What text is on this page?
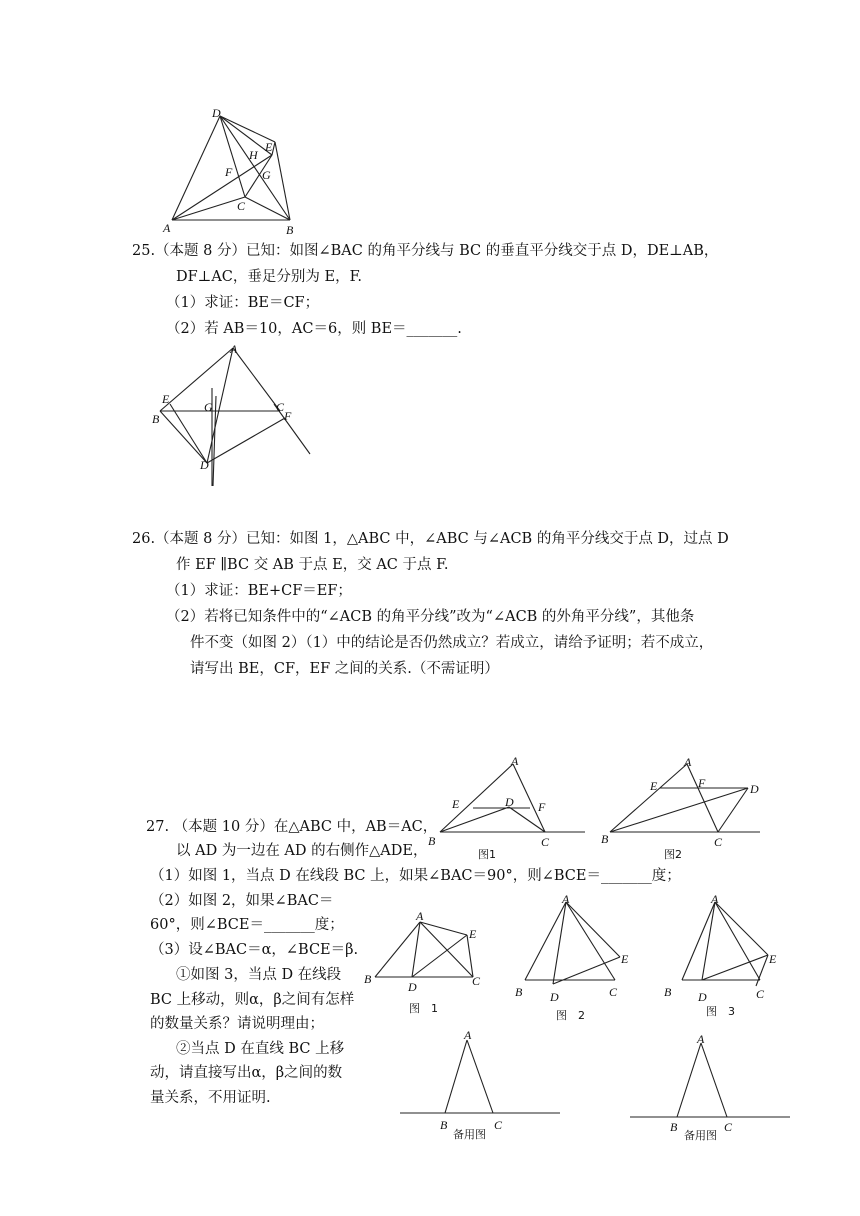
D
H
E
F G
C
A	B
25.（本题 8 分）已知：如图∠BAC 的角平分线与 BC 的垂直平分线交于点 D，DE⊥AB，
DF⊥AC，垂足分别为 E，F.
（1）求证：BE＝CF；
（2）若 AB＝10，AC＝6，则 BE＝_______.
A
E
B
G	C
F
D
26.（本题 8 分）已知：如图 1，△ABC 中，∠ABC 与∠ACB 的角平分线交于点 D，过点 D
作 EF ∥BC 交 AB 于点 E，交 AC 于点 F.
（1）求证：BE+CF＝EF；
（2）若将已知条件中的“∠ACB 的角平分线”改为“∠ACB 的外角平分线”，其他条
件不变（如图 2）（1）中的结论是否仍然成立？若成立，请给予证明；若不成立，
请写出 BE，CF，EF 之间的关系.（不需证明）
A
E	D F
B	C
图1
A
E	F	D
B	C
图2
27. （本题 10 分）在△ABC 中，AB＝AC，
以 AD 为一边在 AD 的右侧作△ADE，
（1）如图 1，当点 D 在线段 BC 上，如果∠BAC＝90°，则∠BCE＝_______度；
（2）如图 2，如果∠BAC＝
60°，则∠BCE＝_______度；
（3）设∠BAC＝α，∠BCE＝β.
①如图 3，当点 D 在线段
BC 上移动，则α，β之间有怎样
的数量关系？请说明理由；
②当点 D 在直线 BC 上移
动，请直接写出α，β之间的数
量关系，不用证明.
A
E
B
D	C
图　1
A
E
B D	C
图　2
A
E
B D	C
图　3
A
B	C
备用图
A
B	C
备用图
